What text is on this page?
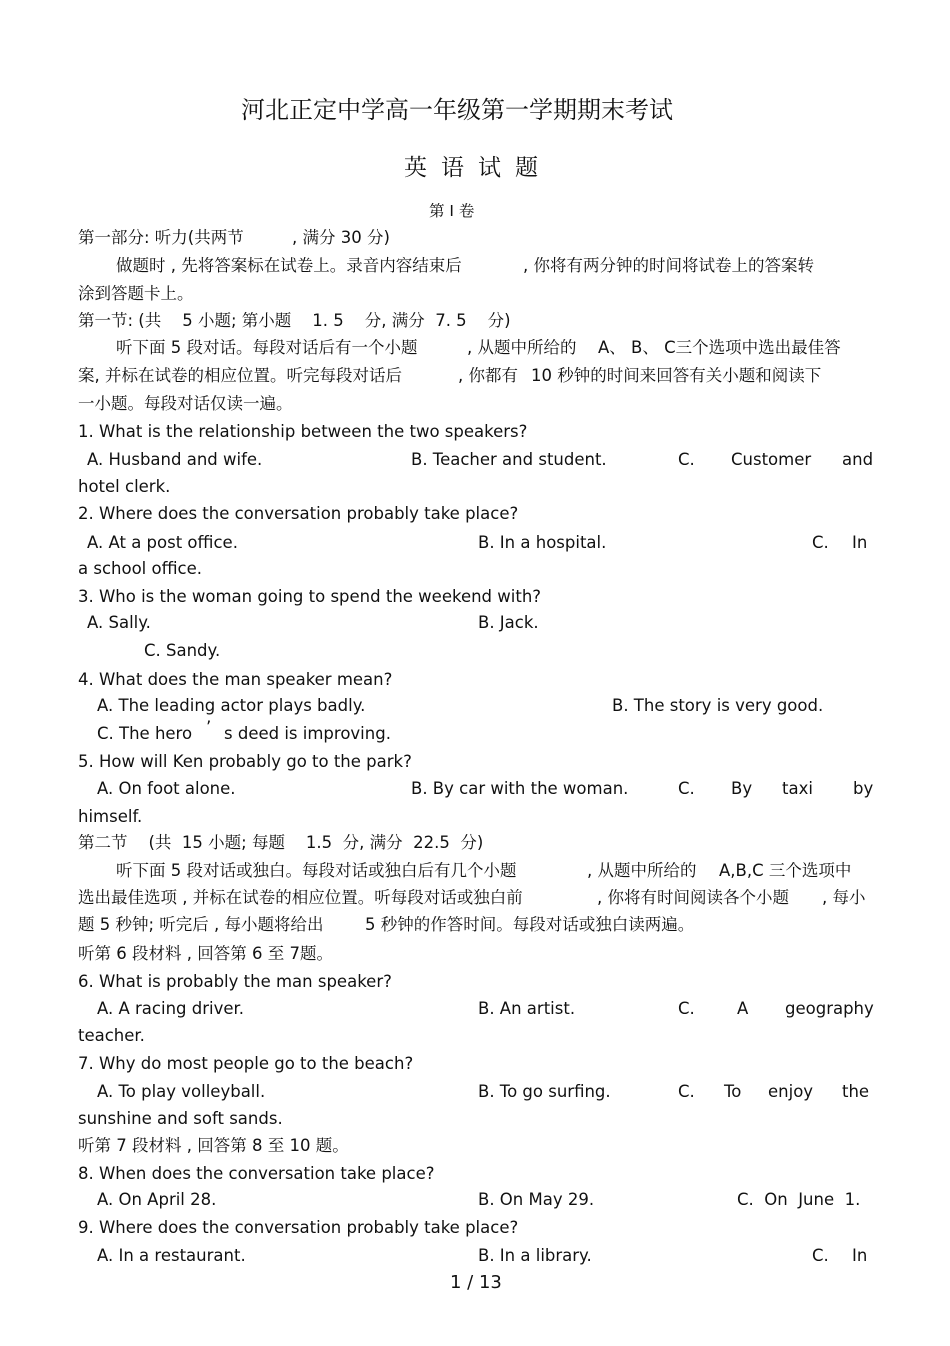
河北正定中学高一年级第一学期期末考试
英语试题
第 I 卷
第一部分: 听力(共两节	, 满分 30 分)
做题时 , 先将答案标在试卷上。录音内容结束后	, 你将有两分钟的时间将试卷上的答案转
涂到答题卡上。
第一节: (共    5 小题; 第小题    1. 5    分, 满分  7. 5    分)
听下面 5 段对话。每段对话后有一个小题	, 从题中所给的 A、 B、 C三个选项中选出最佳答
案, 并标在试卷的相应位置。听完每段对话后	, 你都有 10 秒钟的时间来回答有关小题和阅读下
一小题。每段对话仅读一遍。
1. What is the relationship between the two speakers?
A. Husband and wife.	B. Teacher and student.	C. Customer and
hotel clerk.
2. Where does the conversation probably take place?
A. At a post office.	B. In a hospital.	C. In
a school office.
3. Who is the woman going to spend the weekend with?
A. Sally.	B. Jack.
C. Sandy.
4. What does the man speaker mean?
A. The leading actor plays badly.	B. The story is very good.
C. The hero ’ s deed is improving.
5. How will Ken probably go to the park?
A. On foot alone.	B. By car with the woman.	C. By taxi by
himself.
第二节    (共  15 小题; 每题    1.5  分, 满分  22.5  分)
听下面 5 段对话或独白。每段对话或独白后有几个小题	, 从题中所给的 A,B,C 三个选项中
选出最佳选项 , 并标在试卷的相应位置。听每段对话或独白前	, 你将有时间阅读各个小题 , 每小
题 5 秒钟; 听完后 , 每小题将给出	5 秒钟的作答时间。每段对话或独白读两遍。
听第 6 段材料 , 回答第 6 至 7题。
6. What is probably the man speaker?
A. A racing driver.	B. An artist.	C.	A geography
teacher.
7. Why do most people go to the beach?
A. To play volleyball.	B. To go surfing.	C. To enjoy the
sunshine and soft sands.
听第 7 段材料 , 回答第 8 至 10 题。
8. When does the conversation take place?
A. On April 28.	B. On May 29.	C.  On  June  1.
9. Where does the conversation probably take place?
A. In a restaurant.	B. In a library.	C. In
1 / 13
